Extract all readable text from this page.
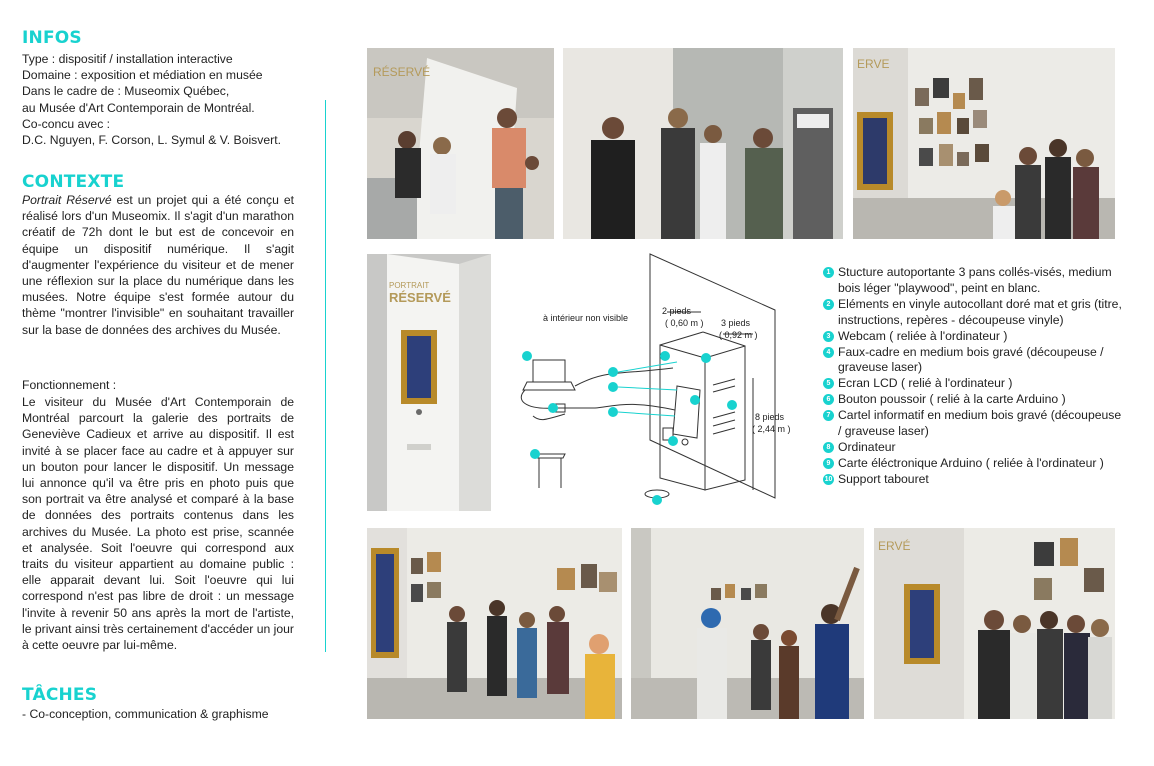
INFOS
Type : dispositif / installation interactive
Domaine : exposition et médiation en musée
Dans le cadre de : Museomix Québec,
au Musée d'Art Contemporain de Montréal.
Co-concu avec :
D.C. Nguyen, F. Corson, L. Symul & V. Boisvert.
CONTEXTE

Portrait Réservé est un projet qui a été conçu et réalisé lors d'un Museomix. Il s'agit d'un marathon créatif de 72h dont le but est de concevoir en équipe un dispositif numérique. Il s'agit d'augmenter l'expérience du visiteur et de mener une réflexion sur la place du numérique dans les musées. Notre équipe s'est formée autour du thème "montrer l'invisible" en souhaitant travailler sur la base de données des archives du Musée.

Fonctionnement :

Le visiteur du Musée d'Art Contemporain de Montréal parcourt la galerie des portraits de Geneviève Cadieux et arrive au dispositif. Il est invité à se placer face au cadre et à appuyer sur un bouton pour lancer le dispositif. Un message lui annonce qu'il va être pris en photo puis que son portrait va être analysé et comparé à la base de données des portraits contenus dans les archives du Musée. La photo est prise, scannée et analysée. Soit l'oeuvre qui correspond aux traits du visiteur appartient au domaine public : elle apparait devant lui. Soit l'oeuvre qui lui correspond n'est pas libre de droit : un message l'invite à revenir 50 ans après la mort de l'artiste, le privant ainsi très certainement d'accéder un jour à cette oeuvre par lui-même.

TÂCHES

- Co-conception, communication & graphisme

RÉSERVÉ
ERVE
PORTRAIT
RÉSERVÉ
à intérieur non visible
2 pieds
( 0,60 m ) 3 pieds
( 0,92 m )
8 pieds
( 2,44 m )
1 Stucture autoportante 3 pans collés-visés, medium bois léger "playwood", peint en blanc.
2 Eléments en vinyle autocollant doré mat et gris (titre, instructions, repères - découpeuse vinyle)
3 Webcam ( reliée à l'ordinateur )
4 Faux-cadre en medium bois gravé (découpeuse / graveuse laser)
5 Ecran LCD ( relié à l'ordinateur )
6 Bouton poussoir ( relié à la carte Arduino )
7 Cartel informatif en medium bois gravé (découpeuse / graveuse laser)
8 Ordinateur
9 Carte éléctronique Arduino ( reliée à l'ordinateur )
10 Support tabouret
ERVÉ
